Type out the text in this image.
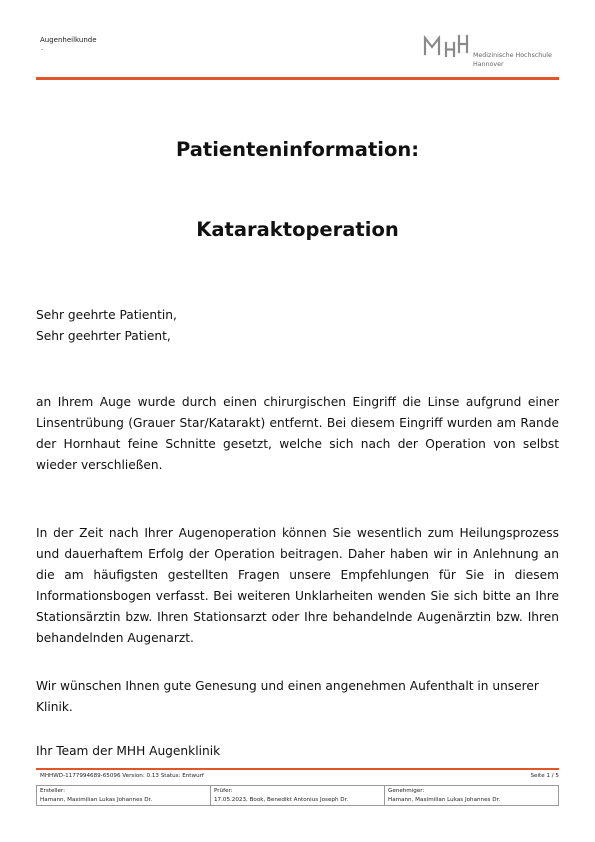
Augenheilkunde
-
Medizinische Hochschule
Hannover
Patienteninformation:
Kataraktoperation
Sehr geehrte Patientin,
Sehr geehrter Patient,
an Ihrem Auge wurde durch einen chirurgischen Eingriff die Linse aufgrund einer Linsentrübung (Grauer Star/Katarakt) entfernt. Bei diesem Eingriff wurden am Rande der Hornhaut feine Schnitte gesetzt, welche sich nach der Operation von selbst wieder verschließen.
In der Zeit nach Ihrer Augenoperation können Sie wesentlich zum Heilungsprozess und dauerhaftem Erfolg der Operation beitragen. Daher haben wir in Anlehnung an die am häufigsten gestellten Fragen unsere Empfehlungen für Sie in diesem Informationsbogen verfasst. Bei weiteren Unklarheiten wenden Sie sich bitte an Ihre Stationsärztin bzw. Ihren Stationsarzt oder Ihre behandelnde Augenärztin bzw. Ihren behandelnden Augenarzt.
Wir wünschen Ihnen gute Genesung und einen angenehmen Aufenthalt in unserer Klinik.
Ihr Team der MHH Augenklinik
MHHWD-1177994689-65096 Version: 0.13 Status: Entwurf	Seite 1 / 5
Ersteller:
Hamann, Maximilian Lukas Johannes Dr.

Prüfer:
17.05.2023, Book, Benedikt Antonius Joseph Dr.

Genehmiger:
Hamann, Maximilian Lukas Johannes Dr.
